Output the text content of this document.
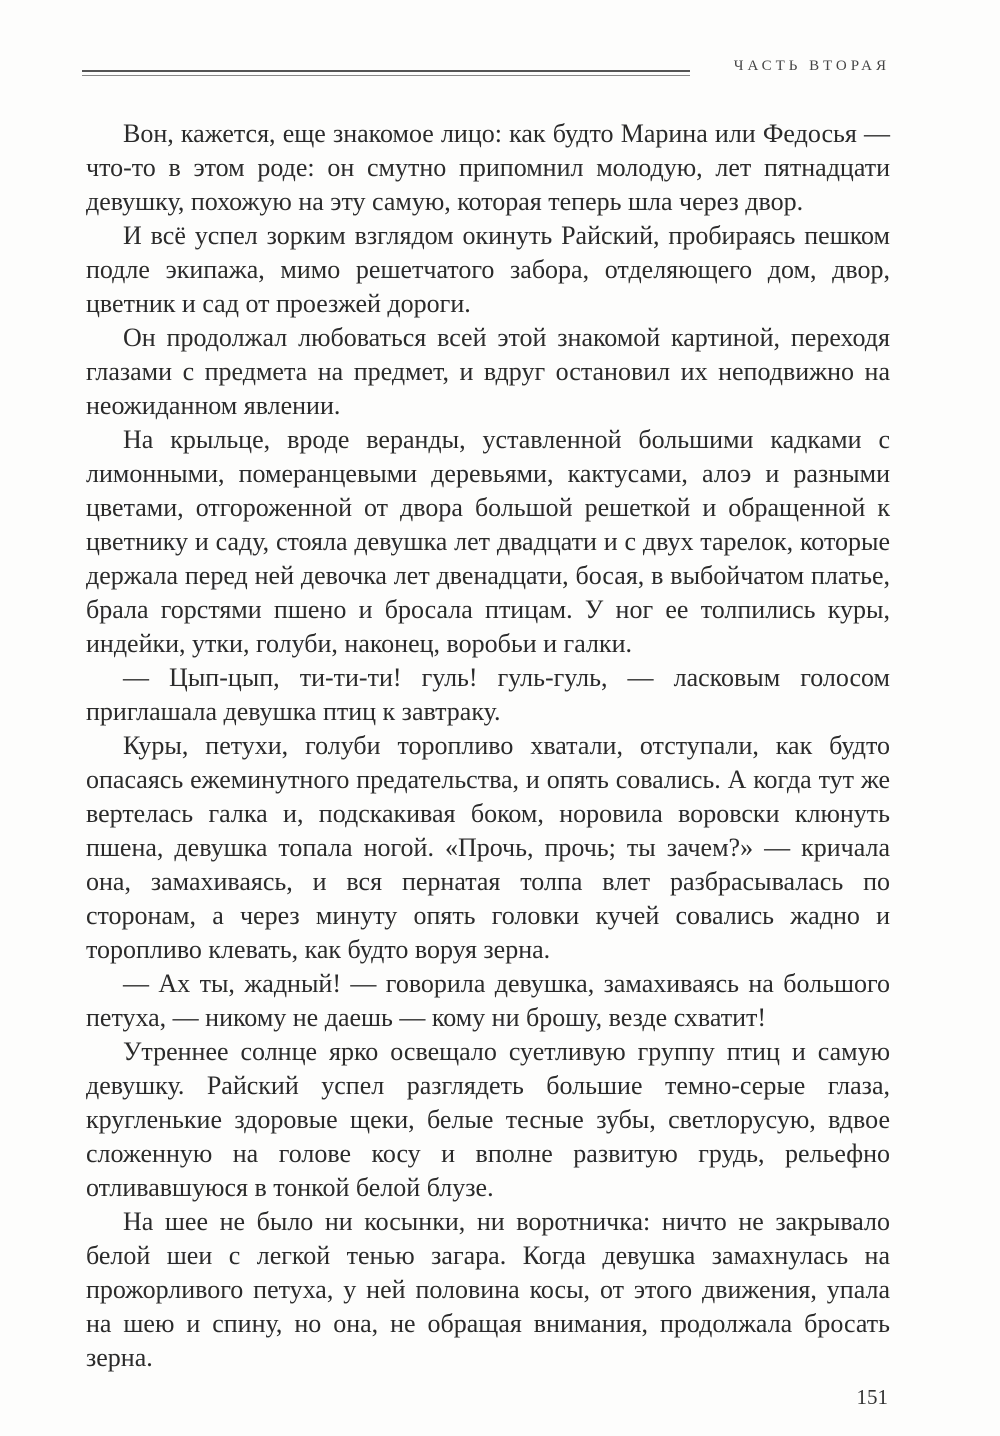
ЧАСТЬ ВТОРАЯ

Вон, кажется, еще знакомое лицо: как будто Марина или Федосья — что-то в этом роде: он смутно припомнил молодую, лет пятнадцати девушку, похожую на эту самую, которая теперь шла через двор.

И всё успел зорким взглядом окинуть Райский, пробираясь пешком подле экипажа, мимо решетчатого забора, отделяющего дом, двор, цветник и сад от проезжей дороги.

Он продолжал любоваться всей этой знакомой картиной, переходя глазами с предмета на предмет, и вдруг остановил их неподвижно на неожиданном явлении.

На крыльце, вроде веранды, уставленной большими кадками с лимонными, померанцевыми деревьями, кактусами, алоэ и разными цветами, отгороженной от двора большой решеткой и обращенной к цветнику и саду, стояла девушка лет двадцати и с двух тарелок, которые держала перед ней девочка лет двенадцати, босая, в выбойчатом платье, брала горстями пшено и бросала птицам. У ног ее толпились куры, индейки, утки, голуби, наконец, воробьи и галки.

— Цып-цып, ти-ти-ти! гуль! гуль-гуль, — ласковым голосом приглашала девушка птиц к завтраку.

Куры, петухи, голуби торопливо хватали, отступали, как будто опасаясь ежеминутного предательства, и опять совались. А когда тут же вертелась галка и, подскакивая боком, норовила воровски клюнуть пшена, девушка топала ногой. «Прочь, прочь; ты зачем?» — кричала она, замахиваясь, и вся пернатая толпа влет разбрасывалась по сторонам, а через минуту опять головки кучей совались жадно и торопливо клевать, как будто воруя зерна.

— Ах ты, жадный! — говорила девушка, замахиваясь на большого петуха, — никому не даешь — кому ни брошу, везде схватит!

Утреннее солнце ярко освещало суетливую группу птиц и самую девушку. Райский успел разглядеть большие темно-серые глаза, кругленькие здоровые щеки, белые тесные зубы, светлорусую, вдвое сложенную на голове косу и вполне развитую грудь, рельефно отливавшуюся в тонкой белой блузе.

На шее не было ни косынки, ни воротничка: ничто не закрывало белой шеи с легкой тенью загара. Когда девушка замахнулась на прожорливого петуха, у ней половина косы, от этого движения, упала на шею и спину, но она, не обращая внимания, продолжала бросать зерна.

151
